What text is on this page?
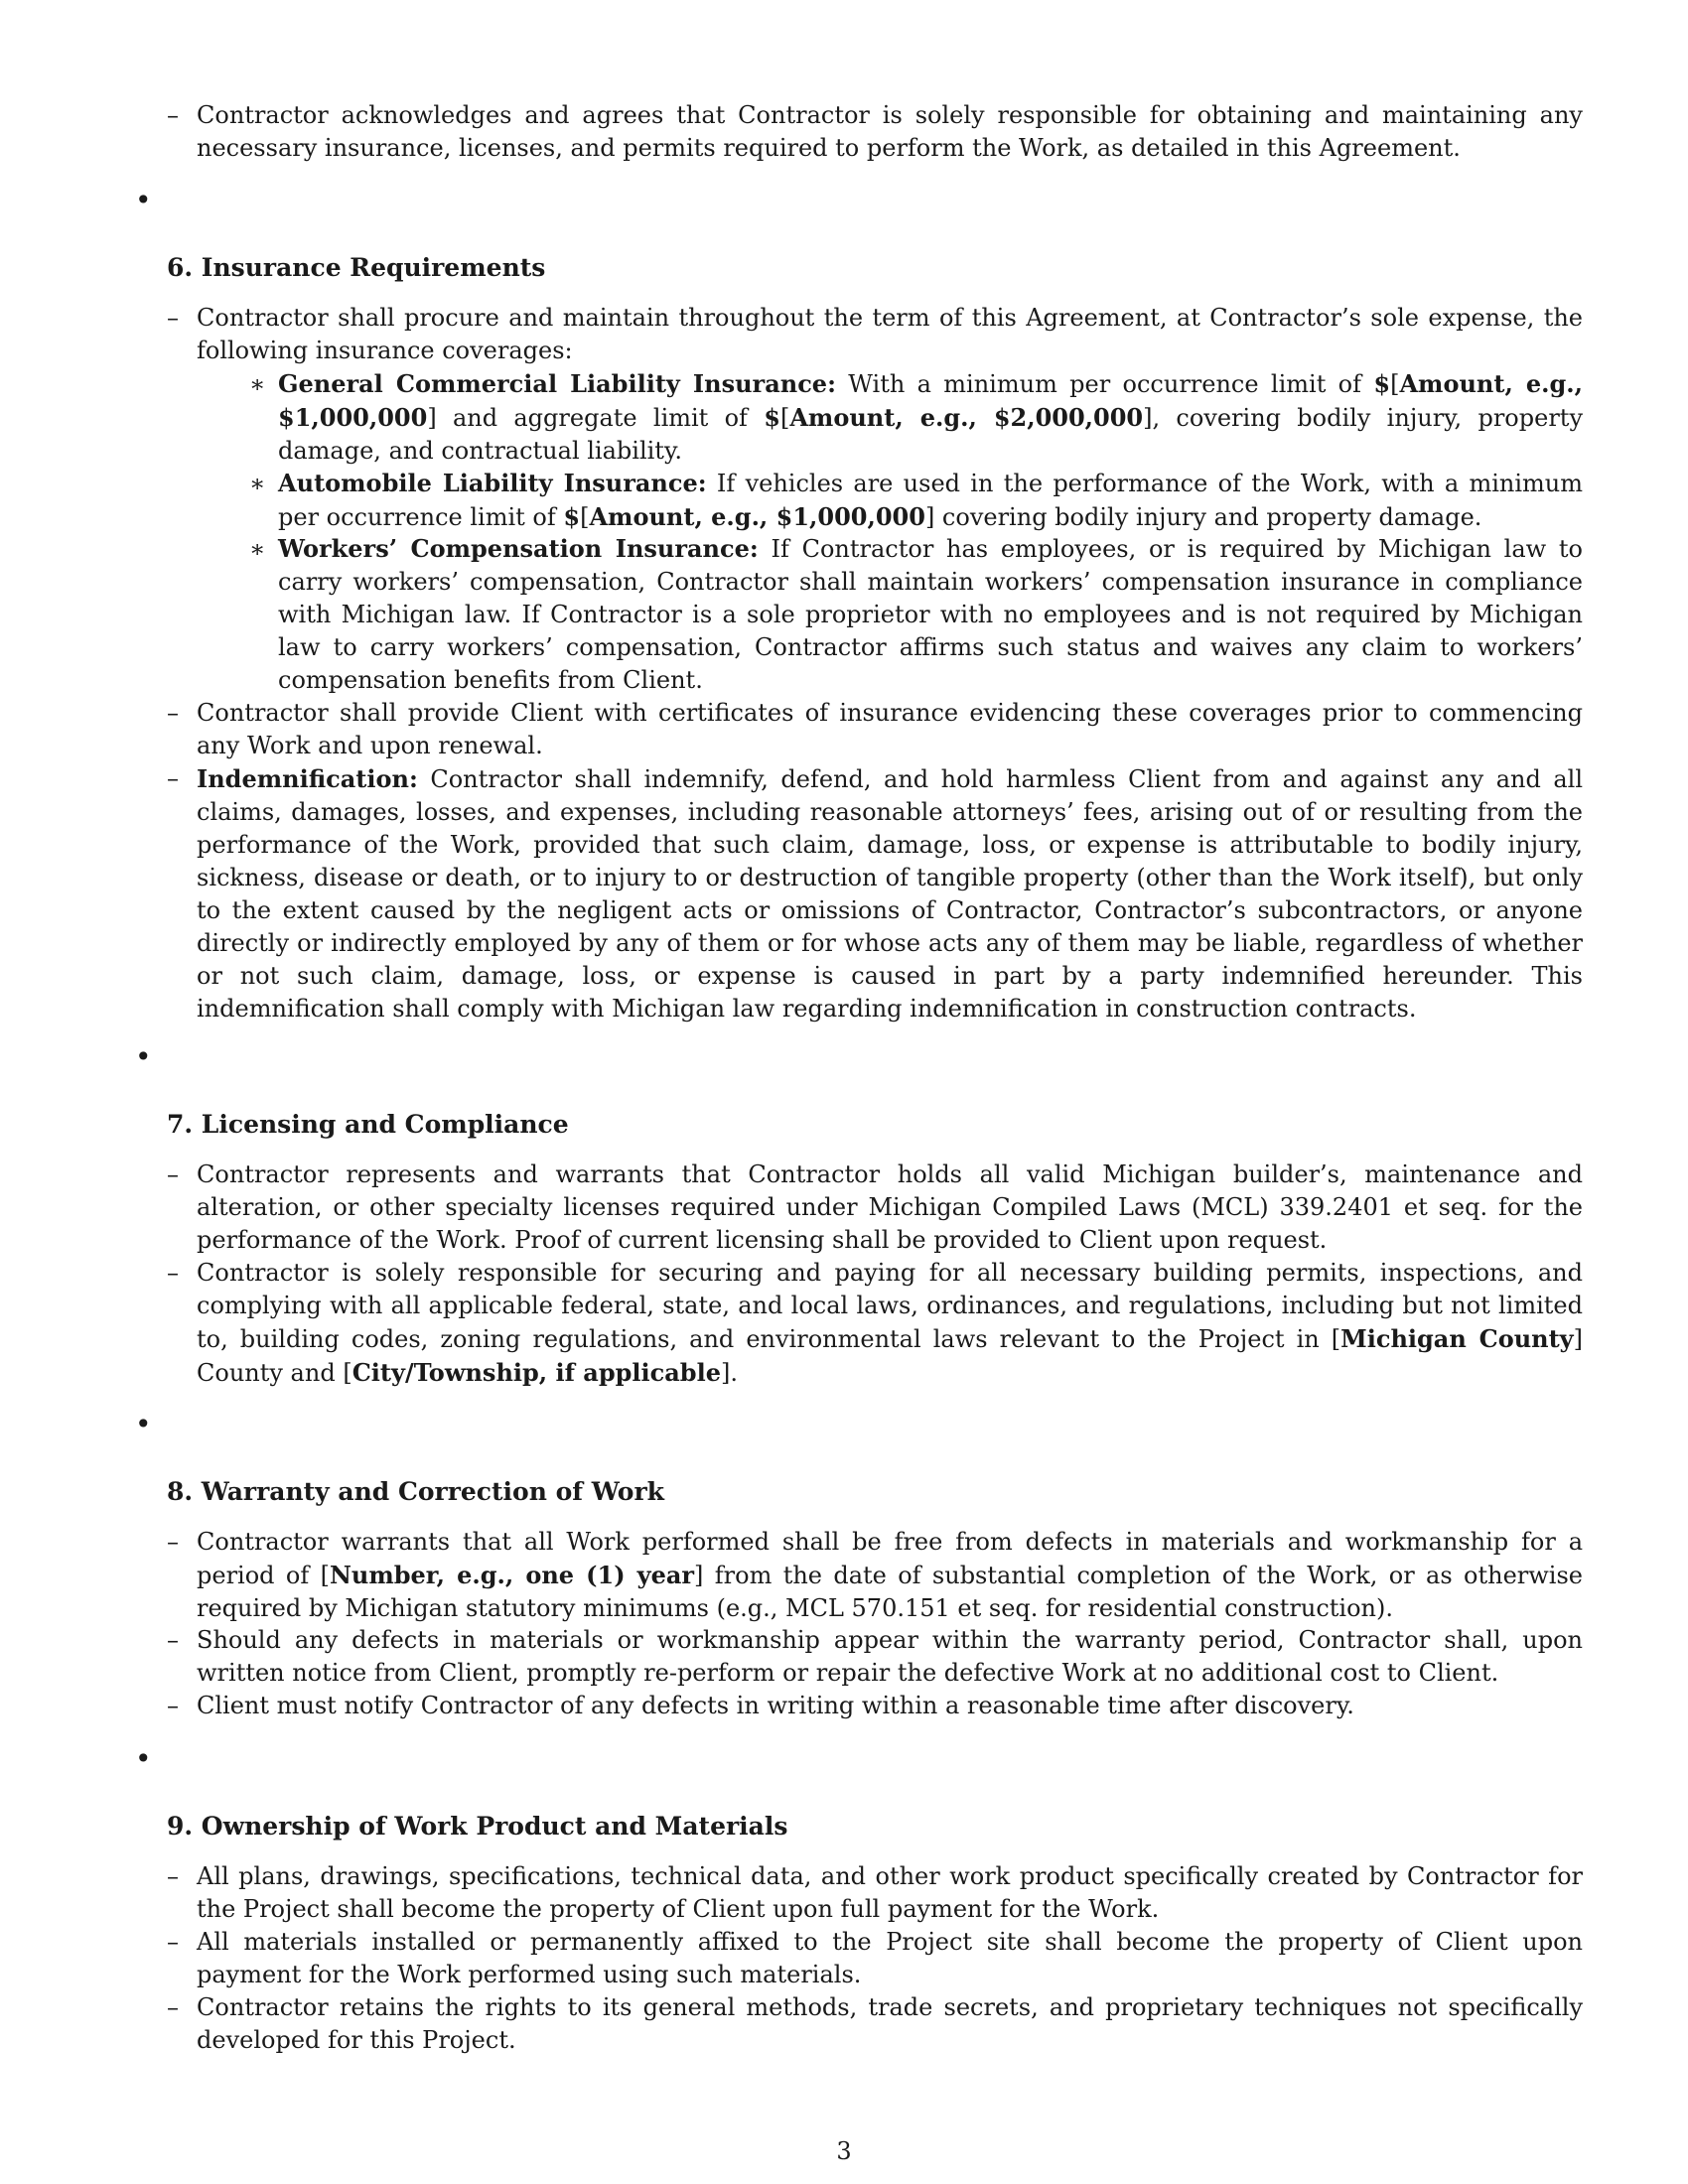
– Contractor acknowledges and agrees that Contractor is solely responsible for obtaining and maintaining any necessary insurance, licenses, and permits required to perform the Work, as detailed in this Agreement.
•
6. Insurance Requirements
– Contractor shall procure and maintain throughout the term of this Agreement, at Contractor’s sole expense, the following insurance coverages:
∗ General Commercial Liability Insurance: With a minimum per occurrence limit of $[Amount, e.g., $1,000,000] and aggregate limit of $[Amount, e.g., $2,000,000], covering bodily injury, property damage, and contractual liability.
∗ Automobile Liability Insurance: If vehicles are used in the performance of the Work, with a minimum per occurrence limit of $[Amount, e.g., $1,000,000] covering bodily injury and property damage.
∗ Workers’ Compensation Insurance: If Contractor has employees, or is required by Michigan law to carry workers’ compensation, Contractor shall maintain workers’ compensation insurance in compliance with Michigan law. If Contractor is a sole proprietor with no employees and is not required by Michigan law to carry workers’ compensation, Contractor affirms such status and waives any claim to workers’ compensation benefits from Client.
– Contractor shall provide Client with certificates of insurance evidencing these coverages prior to commencing any Work and upon renewal.
– Indemnification: Contractor shall indemnify, defend, and hold harmless Client from and against any and all claims, damages, losses, and expenses, including reasonable attorneys’ fees, arising out of or resulting from the performance of the Work, provided that such claim, damage, loss, or expense is attributable to bodily injury, sickness, disease or death, or to injury to or destruction of tangible property (other than the Work itself), but only to the extent caused by the negligent acts or omissions of Contractor, Contractor’s subcontractors, or anyone directly or indirectly employed by any of them or for whose acts any of them may be liable, regardless of whether or not such claim, damage, loss, or expense is caused in part by a party indemnified hereunder. This indemnification shall comply with Michigan law regarding indemnification in construction contracts.
•
7. Licensing and Compliance
– Contractor represents and warrants that Contractor holds all valid Michigan builder’s, maintenance and alteration, or other specialty licenses required under Michigan Compiled Laws (MCL) 339.2401 et seq. for the performance of the Work. Proof of current licensing shall be provided to Client upon request.
– Contractor is solely responsible for securing and paying for all necessary building permits, inspections, and complying with all applicable federal, state, and local laws, ordinances, and regulations, including but not limited to, building codes, zoning regulations, and environmental laws relevant to the Project in [Michigan County] County and [City/Township, if applicable].
•
8. Warranty and Correction of Work
– Contractor warrants that all Work performed shall be free from defects in materials and workmanship for a period of [Number, e.g., one (1) year] from the date of substantial completion of the Work, or as otherwise required by Michigan statutory minimums (e.g., MCL 570.151 et seq. for residential construction).
– Should any defects in materials or workmanship appear within the warranty period, Contractor shall, upon written notice from Client, promptly re-perform or repair the defective Work at no additional cost to Client.
– Client must notify Contractor of any defects in writing within a reasonable time after discovery.
•
9. Ownership of Work Product and Materials
– All plans, drawings, specifications, technical data, and other work product specifically created by Contractor for the Project shall become the property of Client upon full payment for the Work.
– All materials installed or permanently affixed to the Project site shall become the property of Client upon payment for the Work performed using such materials.
– Contractor retains the rights to its general methods, trade secrets, and proprietary techniques not specifically developed for this Project.
3
